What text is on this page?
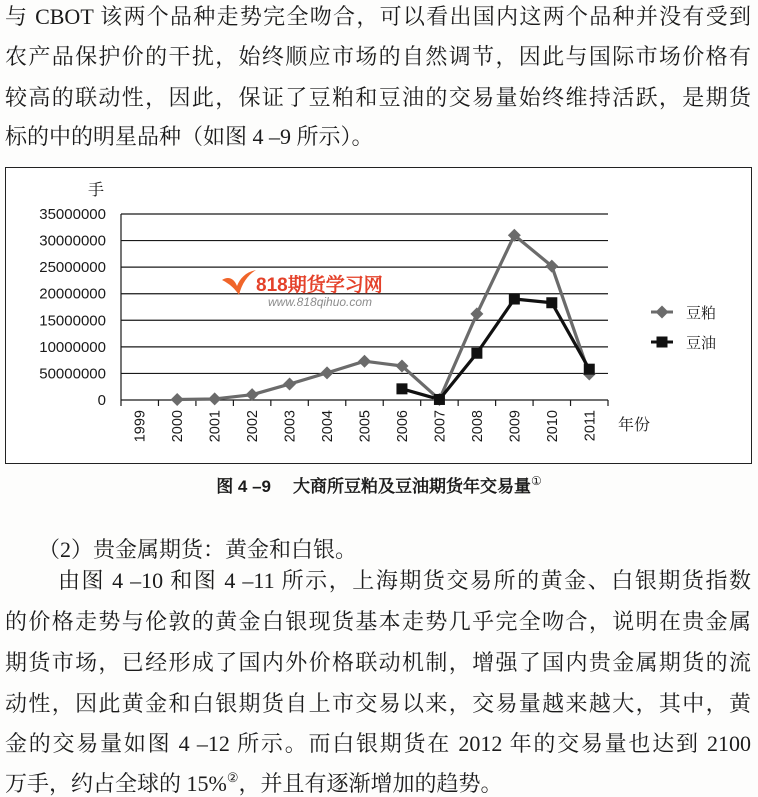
与 CBOT 该两个品种走势完全吻合，可以看出国内这两个品种并没有受到
农产品保护价的干扰，始终顺应市场的自然调节，因此与国际市场价格有
较高的联动性，因此，保证了豆粕和豆油的交易量始终维持活跃，是期货
标的中的明星品种（如图 4 –9 所示）。
818期货学习网
www.818qihuo.com
手
年份
0
50000000
10000000
15000000
20000000
25000000
30000000
35000000
1999 2000 2001 2002 2003 2004 2005 2006 2007 2008 2009 2010 2011
豆粕
豆油
图 4 –9 大商所豆粕及豆油期货年交易量①
（2）贵金属期货：黄金和白银。
由图 4 –10 和图 4 –11 所示，上海期货交易所的黄金、白银期货指数
的价格走势与伦敦的黄金白银现货基本走势几乎完全吻合，说明在贵金属
期货市场，已经形成了国内外价格联动机制，增强了国内贵金属期货的流
动性，因此黄金和白银期货自上市交易以来，交易量越来越大，其中，黄
金的交易量如图 4 –12 所示。而白银期货在 2012 年的交易量也达到 2100
万手，约占全球的 15%②，并且有逐渐增加的趋势。
